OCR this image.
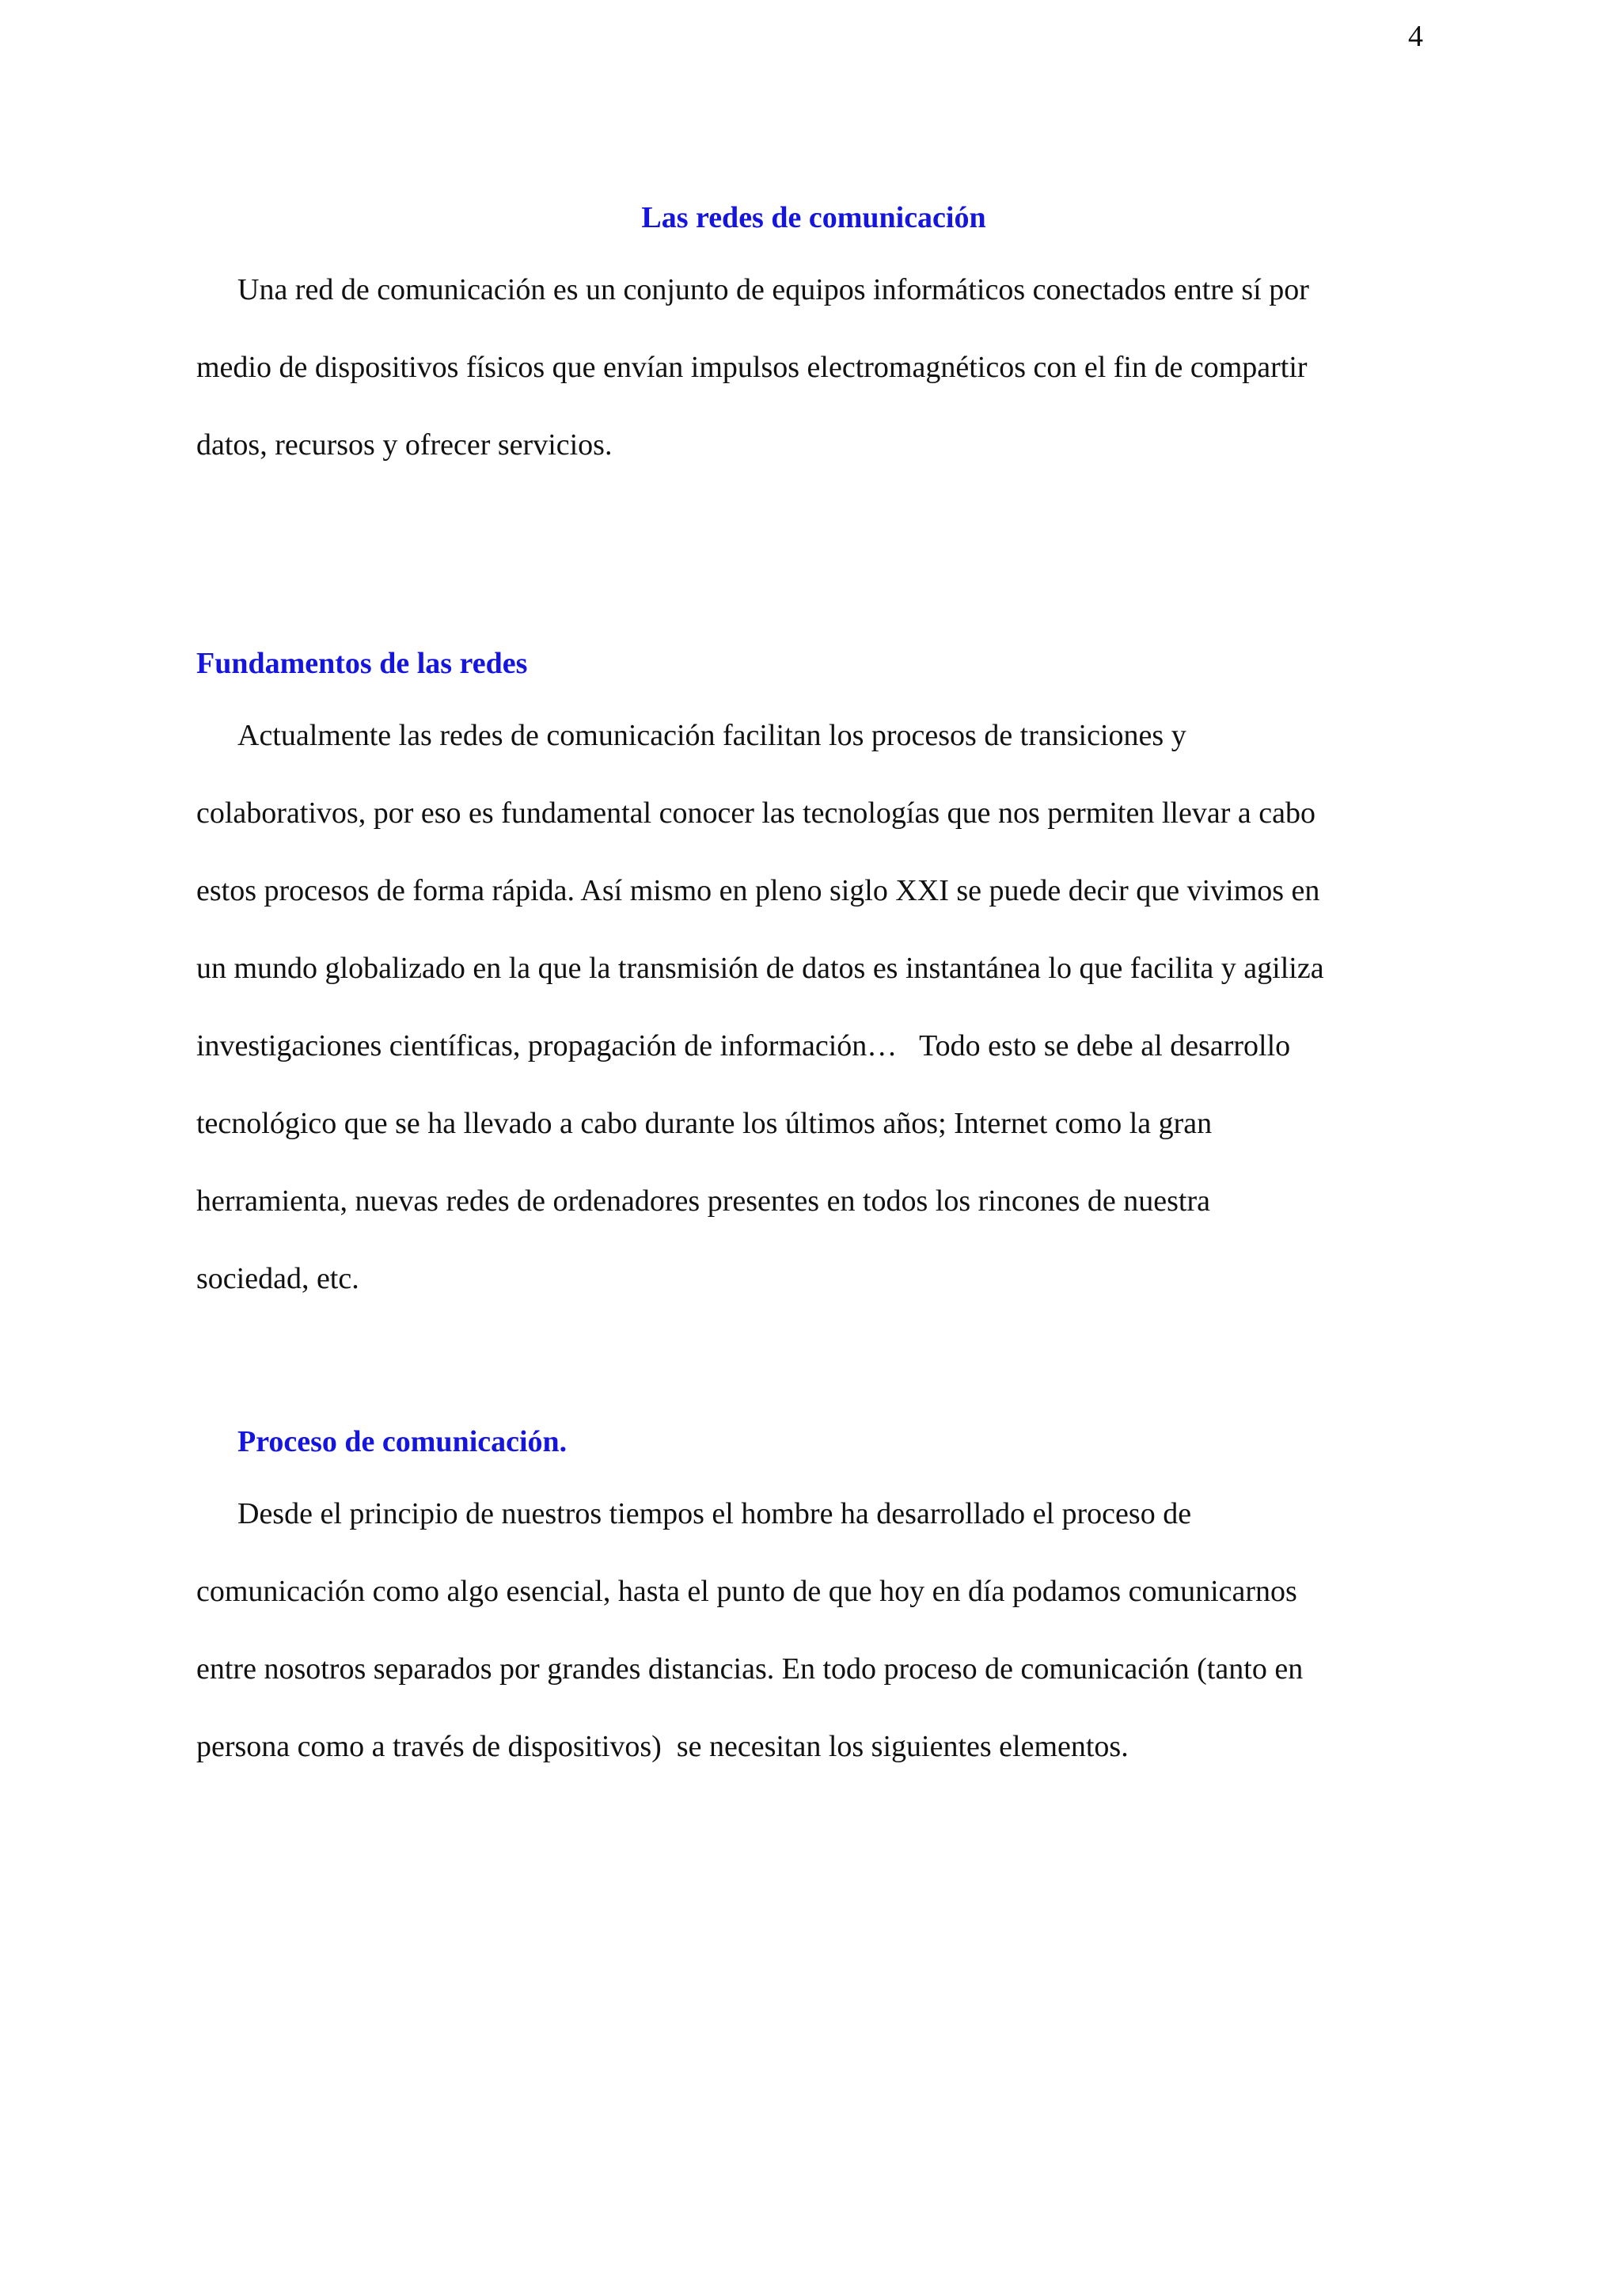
4
Las redes de comunicación

Una red de comunicación es un conjunto de equipos informáticos conectados entre sí por

medio de dispositivos físicos que envían impulsos electromagnéticos con el fin de compartir

datos, recursos y ofrecer servicios.

Fundamentos de las redes

Actualmente las redes de comunicación facilitan los procesos de transiciones y

colaborativos, por eso es fundamental conocer las tecnologías que nos permiten llevar a cabo

estos procesos de forma rápida. Así mismo en pleno siglo XXI se puede decir que vivimos en

un mundo globalizado en la que la transmisión de datos es instantánea lo que facilita y agiliza

investigaciones científicas, propagación de información…   Todo esto se debe al desarrollo

tecnológico que se ha llevado a cabo durante los últimos años; Internet como la gran

herramienta, nuevas redes de ordenadores presentes en todos los rincones de nuestra

sociedad, etc.

Proceso de comunicación.

Desde el principio de nuestros tiempos el hombre ha desarrollado el proceso de

comunicación como algo esencial, hasta el punto de que hoy en día podamos comunicarnos

entre nosotros separados por grandes distancias. En todo proceso de comunicación (tanto en

persona como a través de dispositivos)  se necesitan los siguientes elementos.
